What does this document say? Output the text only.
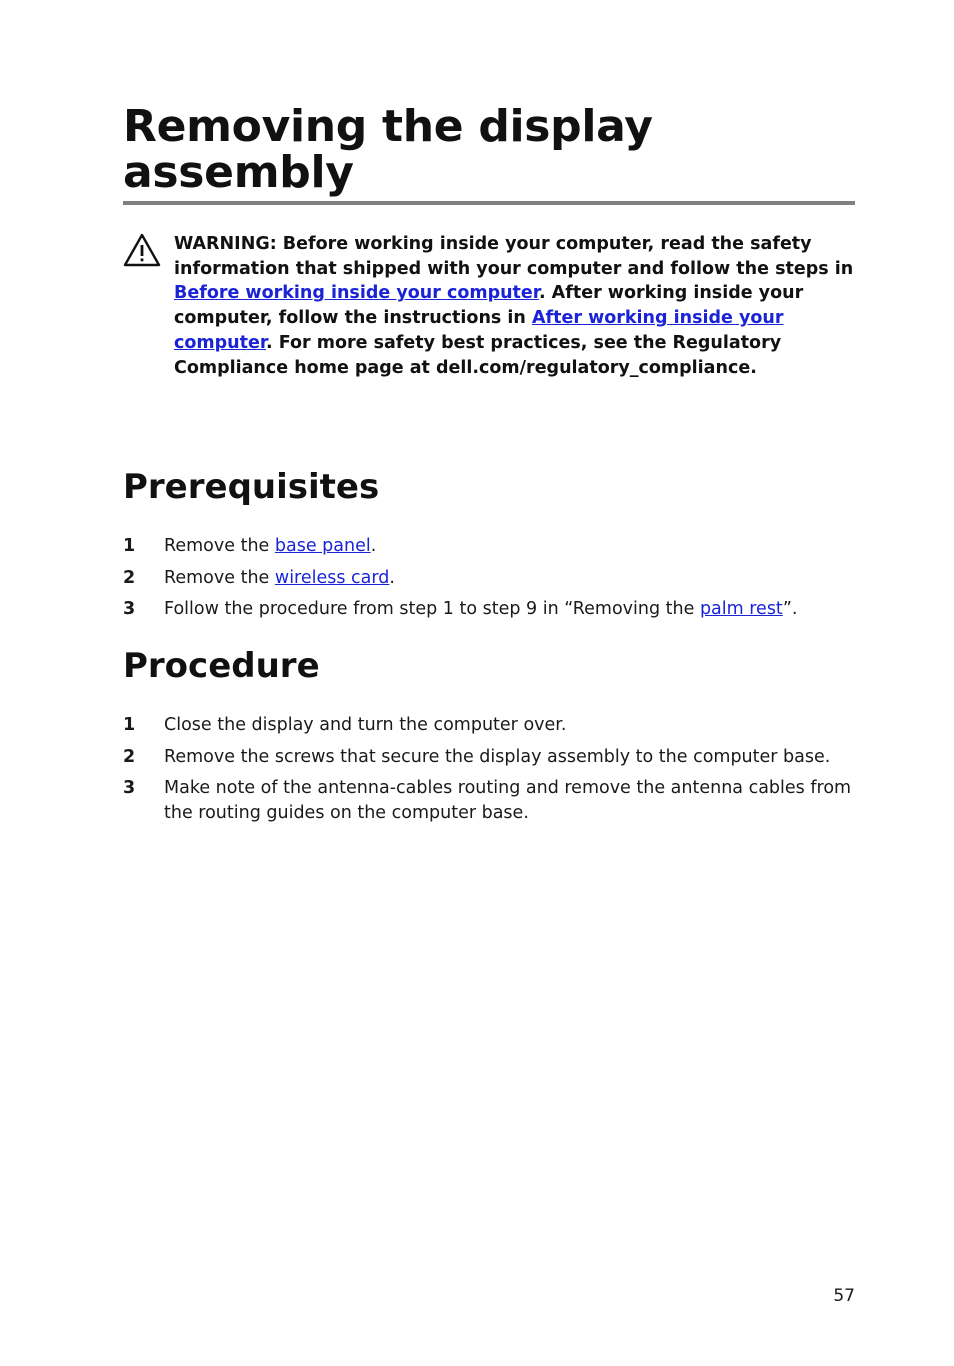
Removing the display assembly
WARNING: Before working inside your computer, read the safety information that shipped with your computer and follow the steps in Before working inside your computer. After working inside your computer, follow the instructions in After working inside your computer. For more safety best practices, see the Regulatory Compliance home page at dell.com/regulatory_compliance.
Prerequisites
1 Remove the base panel.
2 Remove the wireless card.
3 Follow the procedure from step 1 to step 9 in “Removing the palm rest”.
Procedure
1 Close the display and turn the computer over.
2 Remove the screws that secure the display assembly to the computer base.
3 Make note of the antenna-cables routing and remove the antenna cables from the routing guides on the computer base.
57
